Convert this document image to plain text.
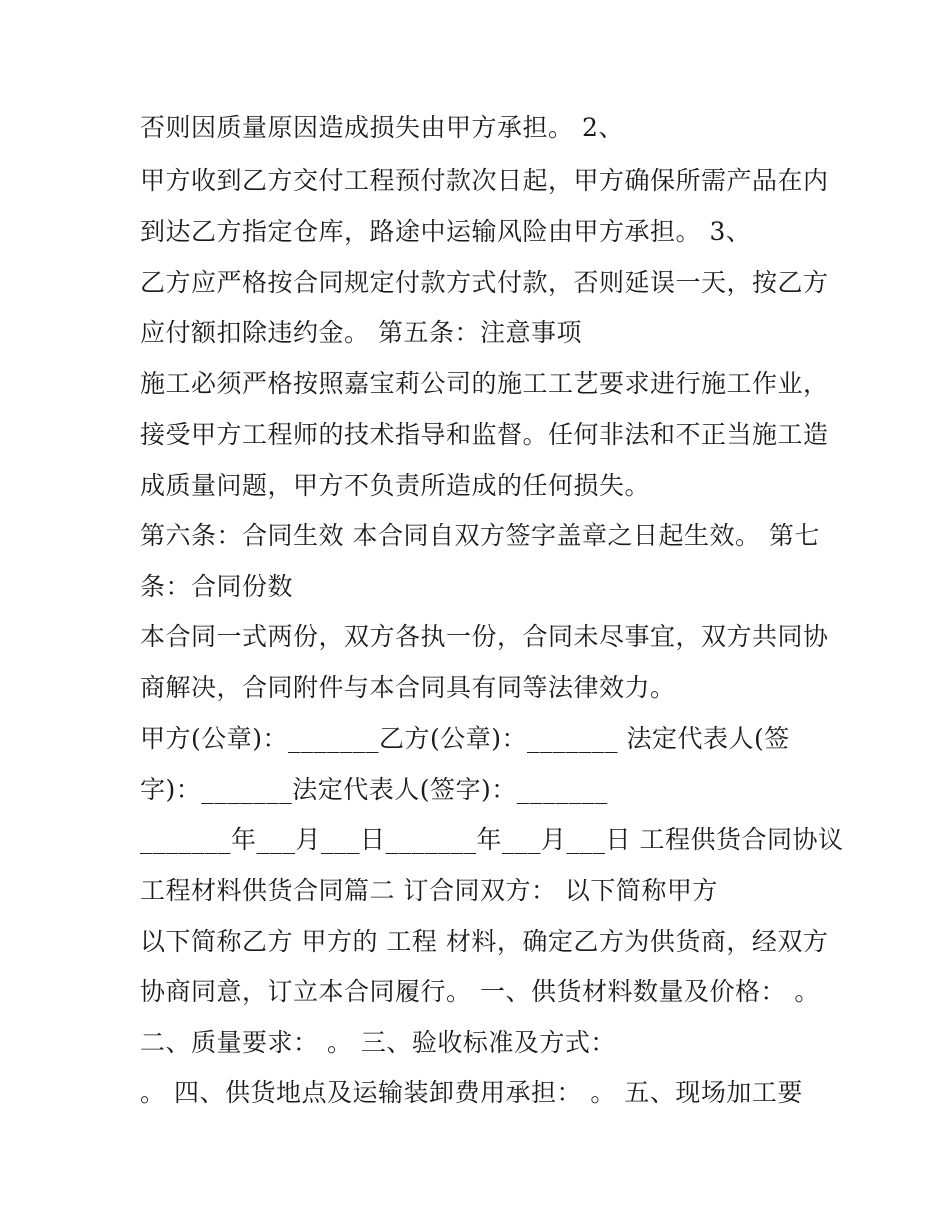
否则因质量原因造成损失由甲方承担。 2、
甲方收到乙方交付工程预付款次日起，甲方确保所需产品在内
到达乙方指定仓库，路途中运输风险由甲方承担。 3、
乙方应严格按合同规定付款方式付款，否则延误一天，按乙方
应付额扣除违约金。 第五条：注意事项
施工必须严格按照嘉宝莉公司的施工工艺要求进行施工作业，
接受甲方工程师的技术指导和监督。任何非法和不正当施工造
成质量问题，甲方不负责所造成的任何损失。
第六条：合同生效 本合同自双方签字盖章之日起生效。 第七
条：合同份数
本合同一式两份，双方各执一份，合同未尽事宜，双方共同协
商解决，合同附件与本合同具有同等法律效力。
甲方(公章)：_______乙方(公章)：_______ 法定代表人(签
字)：_______法定代表人(签字)：_______
_______年___月___日_______年___月___日 工程供货合同协议
工程材料供货合同篇二 订合同双方： 以下简称甲方
以下简称乙方 甲方的 工程 材料，确定乙方为供货商，经双方
协商同意，订立本合同履行。 一、供货材料数量及价格： 。
二、质量要求： 。 三、验收标准及方式：
。 四、供货地点及运输装卸费用承担： 。 五、现场加工要
